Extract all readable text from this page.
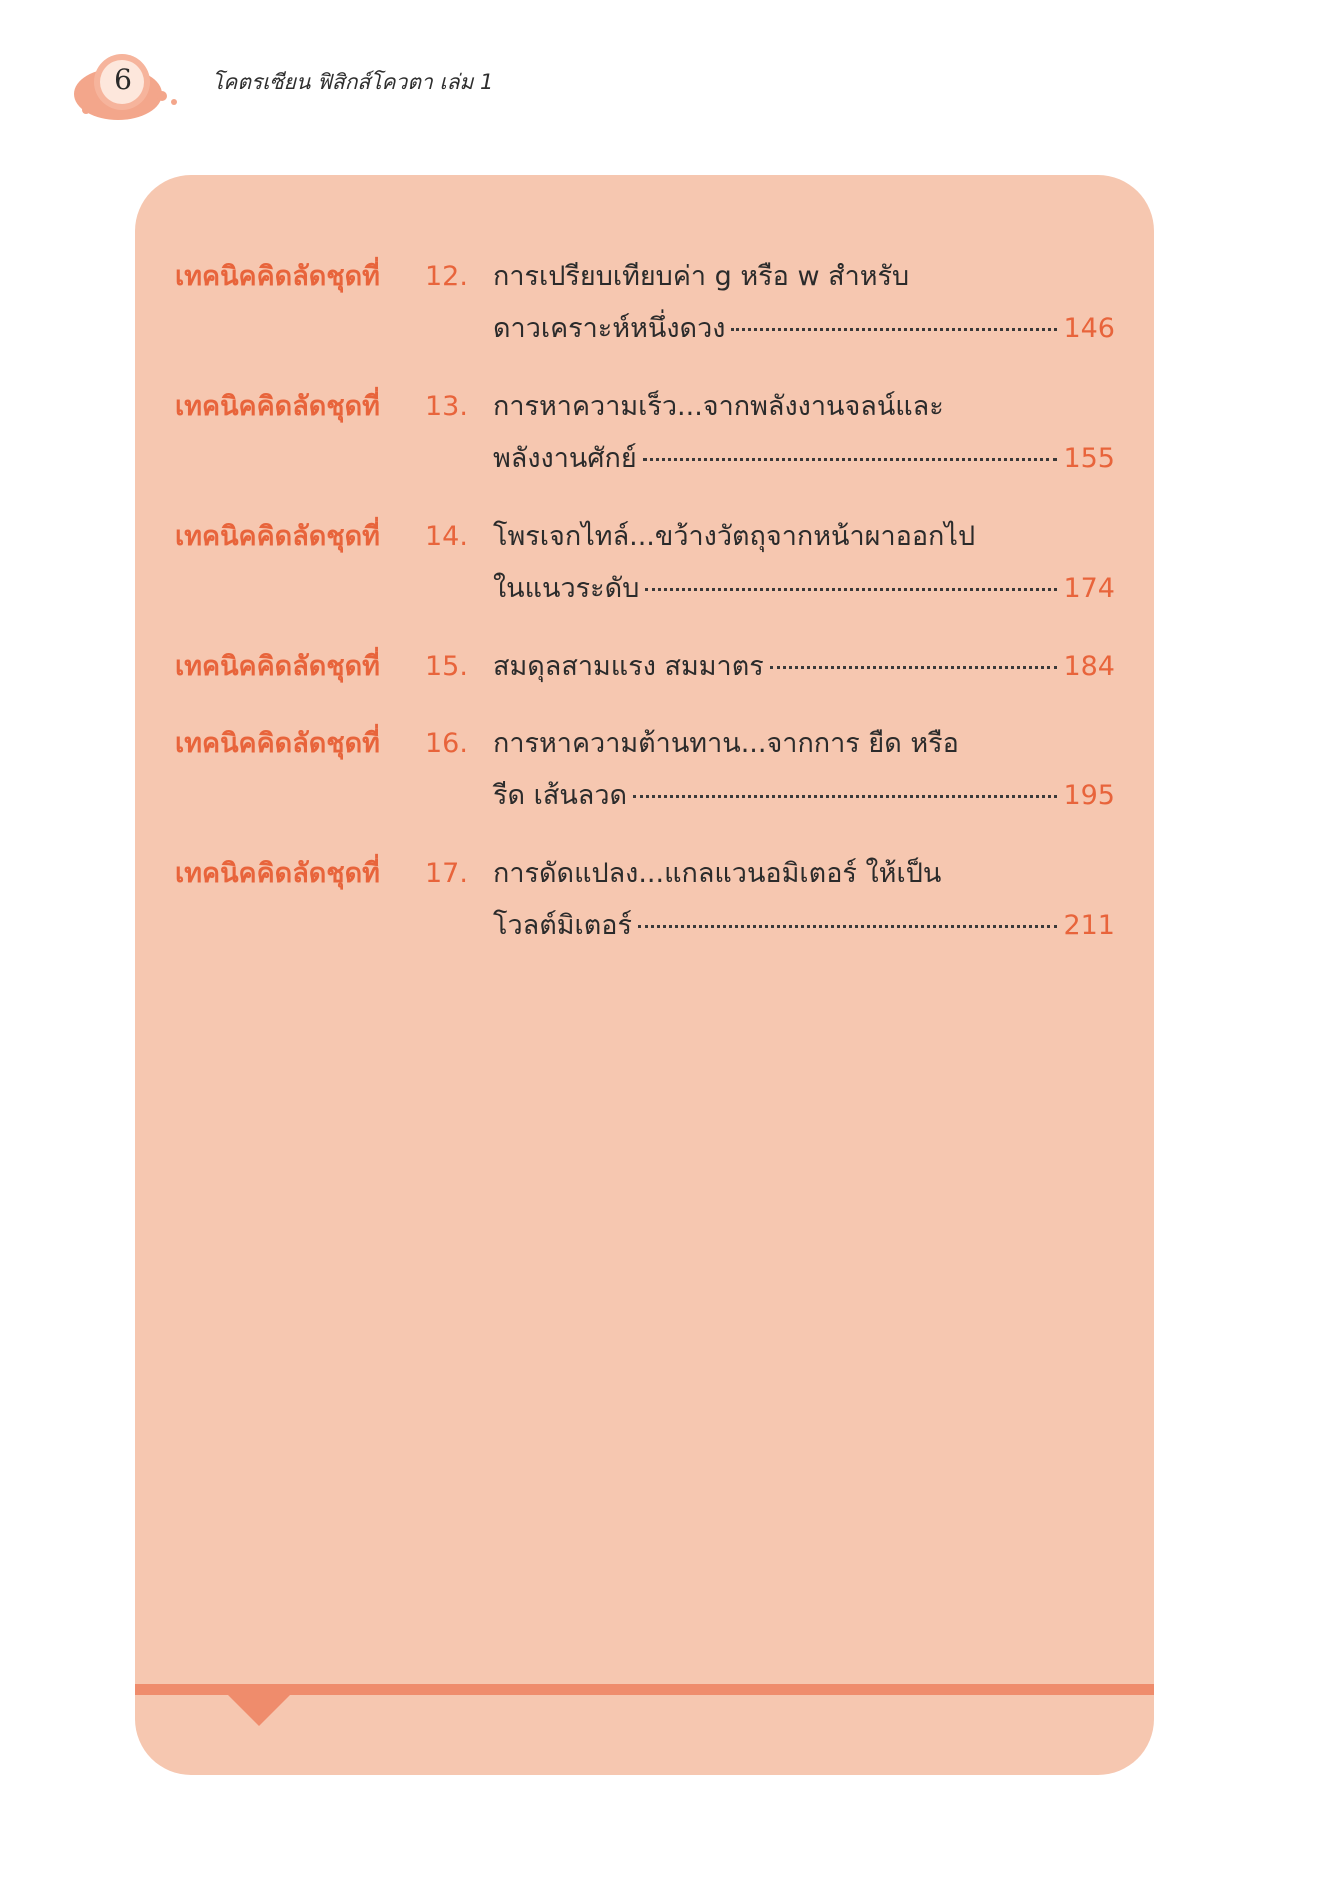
6	โคตรเซียน ฟิสิกส์โควตา เล่ม 1
เทคนิคคิดลัดชุดที่ 12. การเปรียบเทียบค่า g หรือ w สำหรับ
ดาวเคราะห์หนึ่งดวง	146
เทคนิคคิดลัดชุดที่ 13. การหาความเร็ว...จากพลังงานจลน์และ
พลังงานศักย์	155
เทคนิคคิดลัดชุดที่ 14. โพรเจกไทล์...ขว้างวัตถุจากหน้าผาออกไป
ในแนวระดับ	174
เทคนิคคิดลัดชุดที่ 15. สมดุลสามแรง สมมาตร	184
เทคนิคคิดลัดชุดที่ 16. การหาความต้านทาน...จากการ ยืด หรือ
รีด เส้นลวด	195
เทคนิคคิดลัดชุดที่ 17. การดัดแปลง...แกลแวนอมิเตอร์ ให้เป็น
โวลต์มิเตอร์	211
